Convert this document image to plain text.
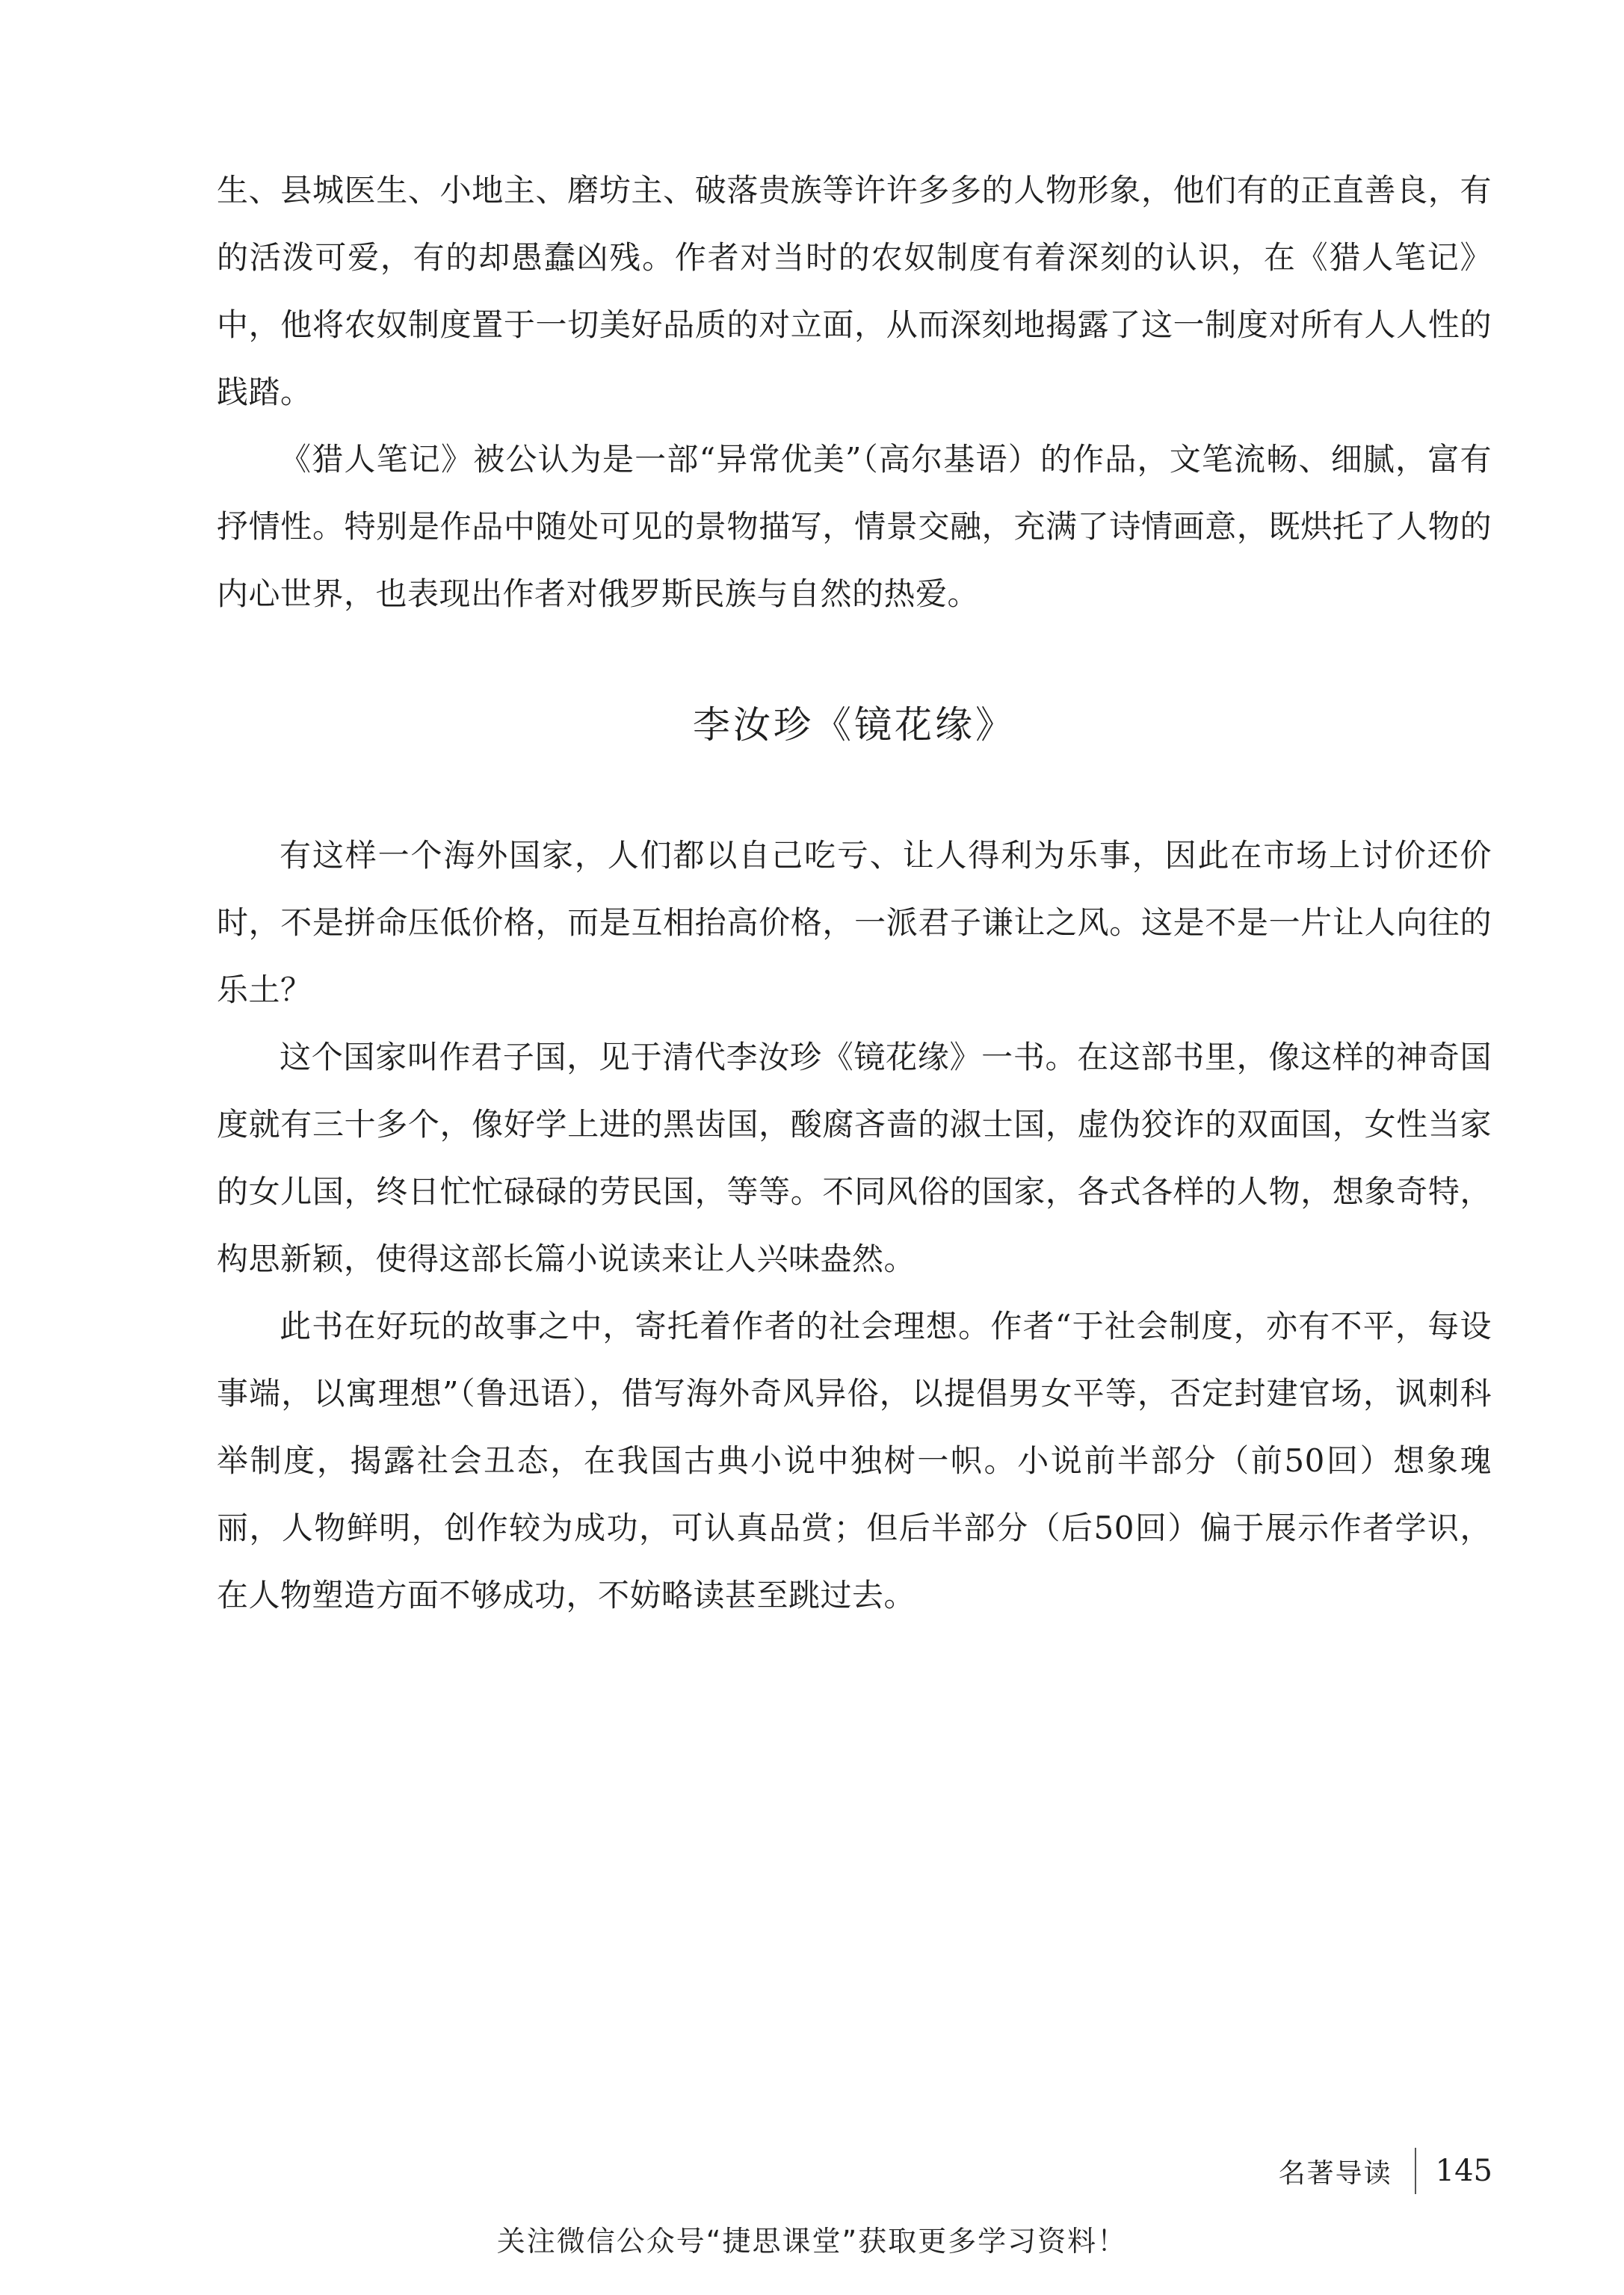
生、县城医生、小地主、磨坊主、破落贵族等许许多多的人物形象，他们有的正直善良，有的活泼可爱，有的却愚蠢凶残。作者对当时的农奴制度有着深刻的认识，在《猎人笔记》中，他将农奴制度置于一切美好品质的对立面，从而深刻地揭露了这一制度对所有人人性的践踏。

《猎人笔记》被公认为是一部“异常优美”（高尔基语）的作品，文笔流畅、细腻，富有抒情性。特别是作品中随处可见的景物描写，情景交融，充满了诗情画意，既烘托了人物的内心世界，也表现出作者对俄罗斯民族与自然的热爱。

李汝珍《镜花缘》

有这样一个海外国家，人们都以自己吃亏、让人得利为乐事，因此在市场上讨价还价时，不是拼命压低价格，而是互相抬高价格，一派君子谦让之风。这是不是一片让人向往的乐土？

这个国家叫作君子国，见于清代李汝珍《镜花缘》一书。在这部书里，像这样的神奇国度就有三十多个，像好学上进的黑齿国，酸腐吝啬的淑士国，虚伪狡诈的双面国，女性当家的女儿国，终日忙忙碌碌的劳民国，等等。不同风俗的国家，各式各样的人物，想象奇特，构思新颖，使得这部长篇小说读来让人兴味盎然。

此书在好玩的故事之中，寄托着作者的社会理想。作者“于社会制度，亦有不平，每设事端，以寓理想”（鲁迅语），借写海外奇风异俗，以提倡男女平等，否定封建官场，讽刺科举制度，揭露社会丑态，在我国古典小说中独树一帜。小说前半部分（前50回）想象瑰丽，人物鲜明，创作较为成功，可认真品赏；但后半部分（后50回）偏于展示作者学识，在人物塑造方面不够成功，不妨略读甚至跳过去。

名著导读	145
关注微信公众号“捷思课堂”获取更多学习资料！
